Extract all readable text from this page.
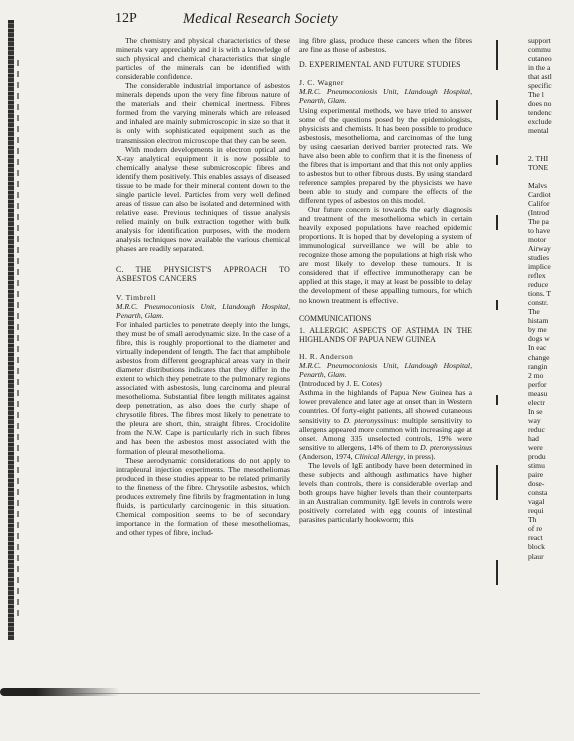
12P	Medical Research Society

The chemistry and physical characteristics of these minerals vary appreciably and it is with a knowledge of such physical and chemical characteristics that single particles of the minerals can be identified with considerable confidence.

The considerable industrial importance of asbestos minerals depends upon the very fine fibrous nature of the materials and their chemical inertness. Fibres formed from the varying minerals which are released and inhaled are mainly submicroscopic in size so that it is only with sophisticated equipment such as the transmission electron microscope that they can be seen.

With modern developments in electron optical and X-ray analytical equipment it is now possible to chemically analyse these submicroscopic fibres and identify them positively. This enables assays of diseased tissue to be made for their mineral content down to the single particle level. Particles from very well defined areas of tissue can also be isolated and determined with relative ease. Previous techniques of tissue analysis relied mainly on bulk extraction together with bulk analysis for identification purposes, with the modern analysis techniques now available the various chemical phases are readily separated.

C. THE PHYSICIST'S APPROACH TO ASBESTOS CANCERS

V. Timbrell

M.R.C. Pneumoconiosis Unit, Llandough Hospital, Penarth, Glam.

For inhaled particles to penetrate deeply into the lungs, they must be of small aerodynamic size. In the case of a fibre, this is roughly proportional to the diameter and virtually independent of length. The fact that amphibole asbestos from different geographical areas vary in their diameter distributions indicates that they differ in the extent to which they penetrate to the pulmonary regions associated with asbestosis, lung carcinoma and pleural mesothelioma. Substantial fibre length militates against deep penetration, as also does the curly shape of chrysotile fibres. The fibres most likely to penetrate to the pleura are short, thin, straight fibres. Crocidolite from the N.W. Cape is particularly rich in such fibres and has been the asbestos most associated with the formation of pleural mesothelioma.

These aerodynamic considerations do not apply to intrapleural injection experiments. The mesotheliomas produced in these studies appear to be related primarily to the fineness of the fibre. Chrysotile asbestos, which produces extremely fine fibrils by fragmentation in lung fluids, is particularly carcinogenic in this situation. Chemical composition seems to be of secondary importance in the formation of these mesotheliomas, and other types of fibre, includ-

ing fibre glass, produce these cancers when the fibres are fine as those of asbestos.

D. EXPERIMENTAL AND FUTURE STUDIES

J. C. Wagner

M.R.C. Pneumoconiosis Unit, Llandough Hospital, Penarth, Glam.

Using experimental methods, we have tried to answer some of the questions posed by the epidemiologists, physicists and chemists. It has been possible to produce asbestosis, mesothelioma, and carcinomas of the lung by using caesarian derived barrier protected rats. We have also been able to confirm that it is the fineness of the fibres that is important and that this not only applies to asbestos but to other fibrous dusts. By using standard reference samples prepared by the physicists we have been able to study and compare the effects of the different types of asbestos on this model.

Our future concern is towards the early diagnosis and treatment of the mesothelioma which in certain heavily exposed populations have reached epidemic proportions. It is hoped that by developing a system of immunological surveillance we will be able to recognize those among the populations at high risk who are most likely to develop these tumours. It is considered that if effective immunotherapy can be applied at this stage, it may at least be possible to delay the development of these appalling tumours, for which no known treatment is effective.

COMMUNICATIONS
1. ALLERGIC ASPECTS OF ASTHMA IN THE HIGHLANDS OF PAPUA NEW GUINEA

H. R. Anderson

M.R.C. Pneumoconiosis Unit, Llandough Hospital, Penarth, Glam.

(Introduced by J. E. Cotes)

Asthma in the highlands of Papua New Guinea has a lower prevalence and later age at onset than in Western countries. Of forty-eight patients, all showed cutaneous sensitivity to D. pteronyssinus: multiple sensitivity to allergens appeared more common with increasing age at onset. Among 335 unselected controls, 19% were sensitive to allergens, 14% of them to D. pteronyssinus (Anderson, 1974, Clinical Allergy, in press).

The levels of IgE antibody have been determined in these subjects and although asthmatics have higher levels than controls, there is considerable overlap and both groups have higher levels than their counterparts in an Australian community. IgE levels in controls were positively correlated with egg counts of intestinal parasites particularly hookworm; this

support
commu
cutaneo
in the a
that astl
specific
The l
does no
tendenc
exclude
mental

2. THI
TONE

Malvs
Cardiot
Califor
(Introd
The pa
to have
motor
Airway
studies
implice
reflex
reduce
tions. T
constr.
The
histam
by me
dogs w
In eac
change
rangin
2 mo
perfor
measu
electr
In se
way
reduc
had
were
produ
stimu
paire
dose-
consta
vagal
requi
Th
of re
react
block
plaur
